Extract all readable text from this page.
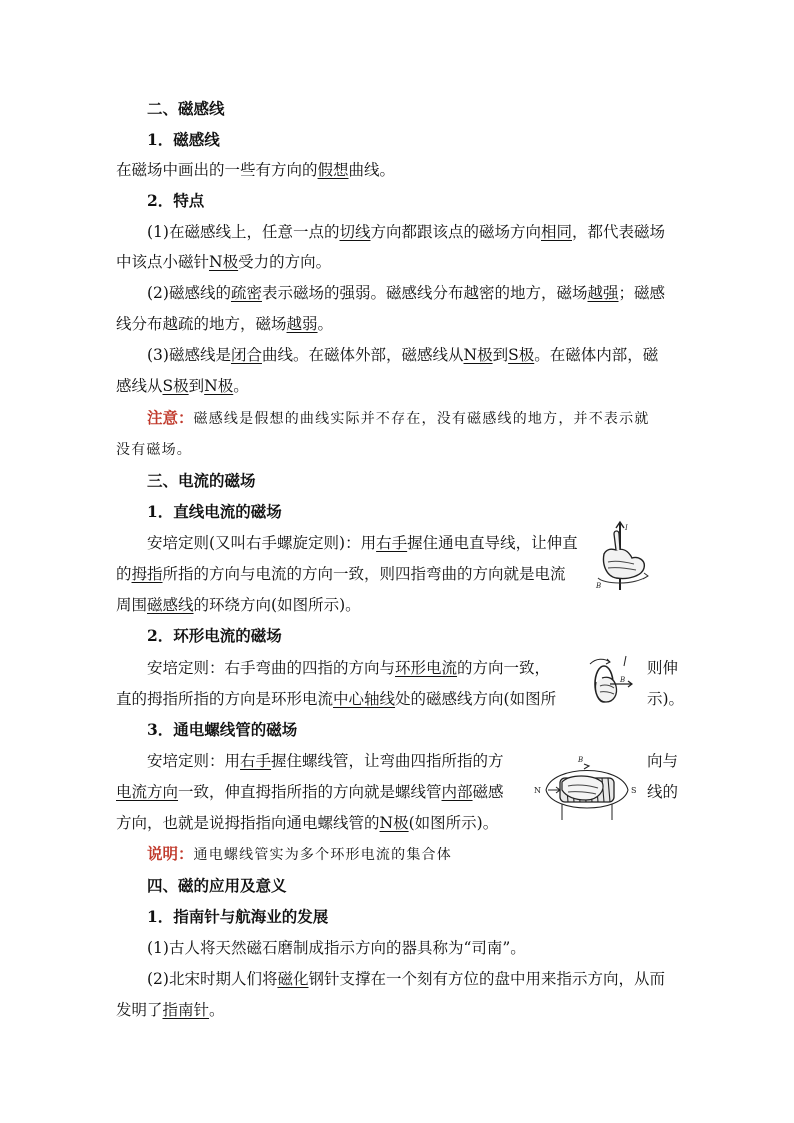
二、磁感线
1．磁感线
在磁场中画出的一些有方向的假想曲线。
2．特点
(1)在磁感线上，任意一点的切线方向都跟该点的磁场方向相同，都代表磁场
中该点小磁针N极受力的方向。
(2)磁感线的疏密表示磁场的强弱。磁感线分布越密的地方，磁场越强；磁感
线分布越疏的地方，磁场越弱。
(3)磁感线是闭合曲线。在磁体外部，磁感线从N极到S极。在磁体内部，磁
感线从S极到N极。
注意：磁感线是假想的曲线实际并不存在，没有磁感线的地方，并不表示就
没有磁场。
三、电流的磁场
1．直线电流的磁场
安培定则(又叫右手螺旋定则)：用右手握住通电直导线，让伸直
的拇指所指的方向与电流的方向一致，则四指弯曲的方向就是电流
周围磁感线的环绕方向(如图所示)。
B
I
2．环形电流的磁场
安培定则：右手弯曲的四指的方向与环形电流的方向一致，	则伸
直的拇指所指的方向是环形电流中心轴线处的磁感线方向(如图所	示)。
B
3．通电螺线管的磁场
安培定则：用右手握住螺线管，让弯曲四指所指的方	向与
电流方向一致，伸直拇指所指的方向就是螺线管内部磁感	线的
方向，也就是说拇指指向通电螺线管的N极(如图所示)。
N	S
B
说明：通电螺线管实为多个环形电流的集合体
四、磁的应用及意义
1．指南针与航海业的发展
(1)古人将天然磁石磨制成指示方向的器具称为“司南”。
(2)北宋时期人们将磁化钢针支撑在一个刻有方位的盘中用来指示方向，从而
发明了指南针。
